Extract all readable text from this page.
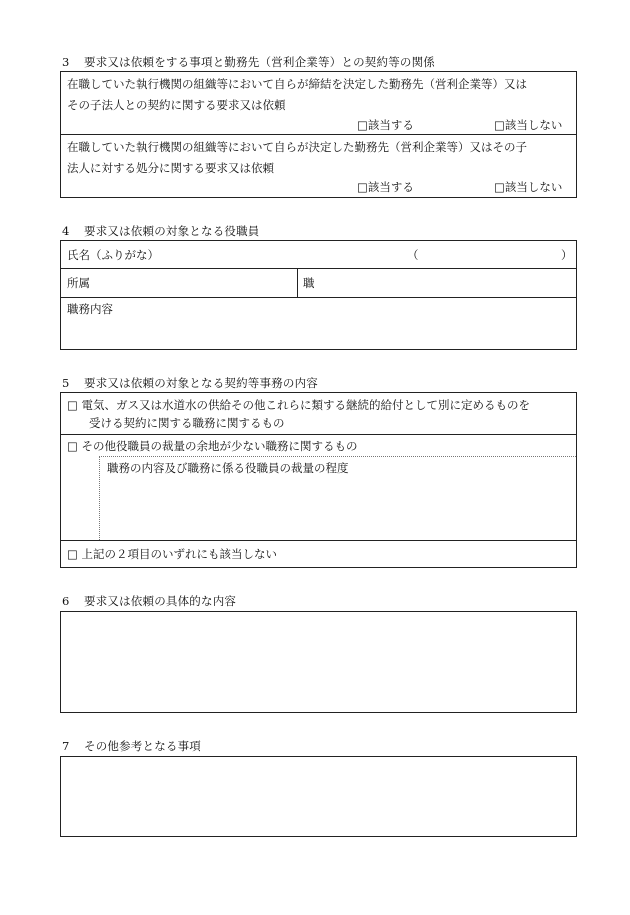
3 要求又は依頼をする事項と勤務先（営利企業等）との契約等の関係
在職していた執行機関の組織等において自らが締結を決定した勤務先（営利企業等）又は
その子法人との契約に関する要求又は依頼
□該当する	□該当しない
在職していた執行機関の組織等において自らが決定した勤務先（営利企業等）又はその子
法人に対する処分に関する要求又は依頼
□該当する	□該当しない
4 要求又は依頼の対象となる役職員
氏名（ふりがな）	（	）
所属	職
職務内容
5 要求又は依頼の対象となる契約等事務の内容
□ 電気、ガス又は水道水の供給その他これらに類する継続的給付として別に定めるものを
受ける契約に関する職務に関するもの
□ その他役職員の裁量の余地が少ない職務に関するもの
職務の内容及び職務に係る役職員の裁量の程度
□ 上記の２項目のいずれにも該当しない
6 要求又は依頼の具体的な内容
7 その他参考となる事項
